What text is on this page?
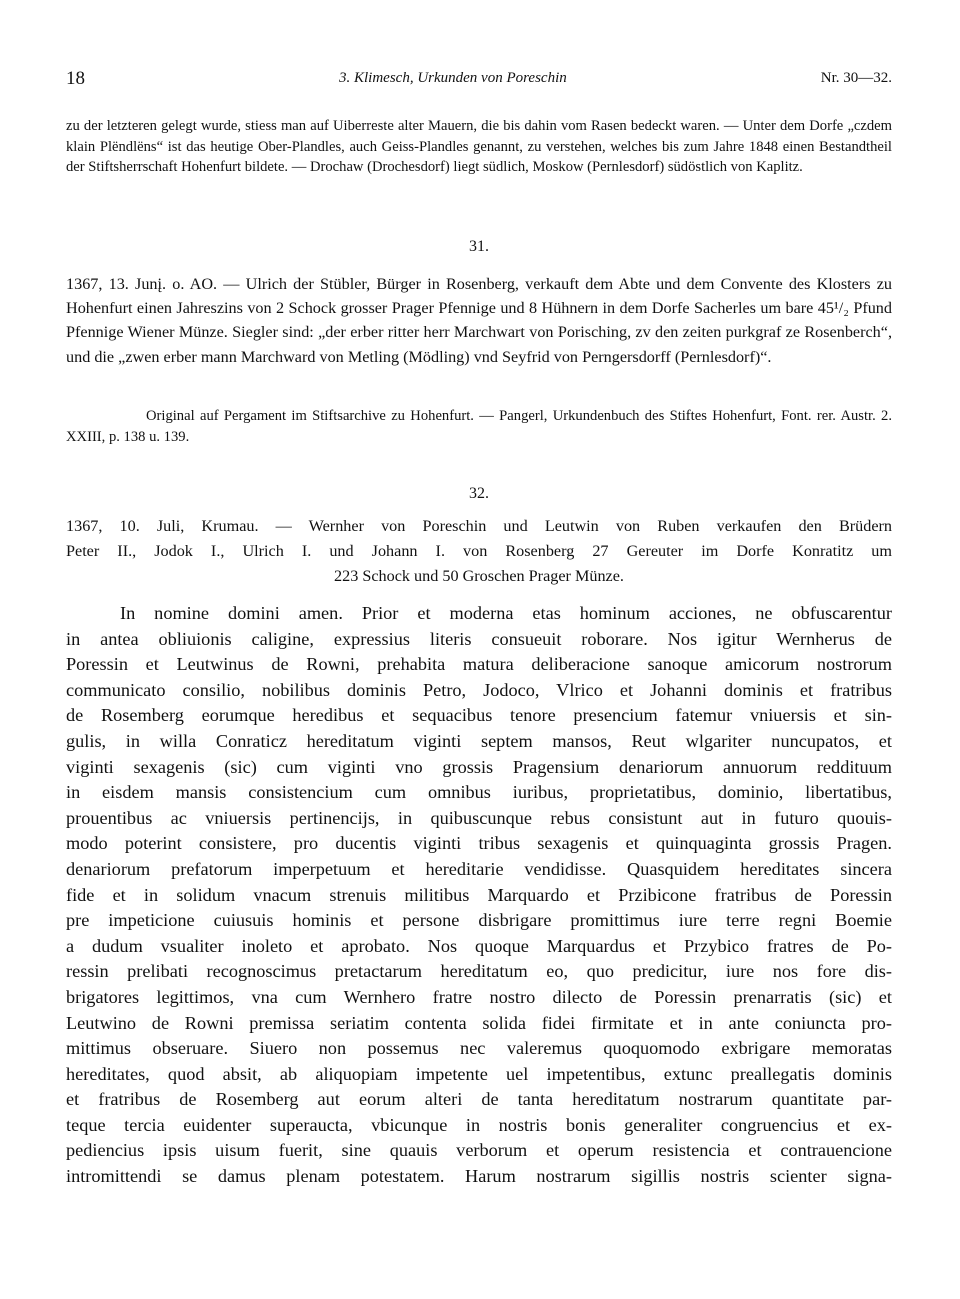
18	3. Klimesch, Urkunden von Poreschin	Nr. 30—32.
zu der letzteren gelegt wurde, stiess man auf Uiberreste alter Mauern, die bis dahin vom Rasen bedeckt waren. — Unter dem Dorfe „czdem klain Plëndlëns“ ist das heutige Ober-Plandles, auch Geiss-Plandles genannt, zu verstehen, welches bis zum Jahre 1848 einen Bestandtheil der Stiftsherrschaft Hohenfurt bildete. — Drochaw (Drochesdorf) liegt südlich, Moskow (Pernlesdorf) südöstlich von Kaplitz.
31.
1367, 13. Junį. o. AO. — Ulrich der Stübler, Bürger in Rosenberg, verkauft dem Abte und dem Convente des Klosters zu Hohenfurt einen Jahreszins von 2 Schock grosser Prager Pfennige und 8 Hühnern in dem Dorfe Sacherles um bare 45¹/₂ Pfund Pfennige Wiener Münze. Siegler sind: „der erber ritter herr Marchwart von Porisching, zv den zeiten purkgraf ze Rosenberch“, und die „zwen erber mann Marchward von Metling (Mödling) vnd Seyfrid von Perngersdorff (Pernlesdorf)“.

Original auf Pergament im Stiftsarchive zu Hohenfurt. — Pangerl, Urkundenbuch des Stiftes Hohenfurt, Font. rer. Austr. 2. XXIII, p. 138 u. 139.

32.
1367, 10. Juli, Krumau. — Wernher von Poreschin und Leutwin von Ruben verkaufen den Brüdern
Peter II., Jodok I., Ulrich I. und Johann I. von Rosenberg 27 Gereuter im Dorfe Konratitz um
223 Schock und 50 Groschen Prager Münze.
In nomine domini amen. Prior et moderna etas hominum acciones, ne obfuscarentur
in antea obliuionis caligine, expressius literis consueuit roborare. Nos igitur Wernherus de
Poressin et Leutwinus de Rowni, prehabita matura deliberacione sanoque amicorum nostrorum
communicato consilio, nobilibus dominis Petro, Jodoco, Vlrico et Johanni dominis et fratribus
de Rosemberg eorumque heredibus et sequacibus tenore presencium fatemur vniuersis et sin-
gulis, in willa Conraticz hereditatum viginti septem mansos, Reut wlgariter nuncupatos, et
viginti sexagenis (sic) cum viginti vno grossis Pragensium denariorum annuorum reddituum
in eisdem mansis consistencium cum omnibus iuribus, proprietatibus, dominio, libertatibus,
prouentibus ac vniuersis pertinencijs, in quibuscunque rebus consistunt aut in futuro quouis-
modo poterint consistere, pro ducentis viginti tribus sexagenis et quinquaginta grossis Pragen.
denariorum prefatorum imperpetuum et hereditarie vendidisse. Quasquidem hereditates sincera
fide et in solidum vnacum strenuis militibus Marquardo et Przibicone fratribus de Poressin
pre impeticione cuiusuis hominis et persone disbrigare promittimus iure terre regni Boemie
a dudum vsualiter inoleto et aprobato. Nos quoque Marquardus et Przybico fratres de Po-
ressin prelibati recognoscimus pretactarum hereditatum eo, quo predicitur, iure nos fore dis-
brigatores legittimos, vna cum Wernhero fratre nostro dilecto de Poressin prenarratis (sic) et
Leutwino de Rowni premissa seriatim contenta solida fidei firmitate et in ante coniuncta pro-
mittimus obseruare. Siuero non possemus nec valeremus quoquomodo exbrigare memoratas
hereditates, quod absit, ab aliquopiam impetente uel impetentibus, extunc preallegatis dominis
et fratribus de Rosemberg aut eorum alteri de tanta hereditatum nostrarum quantitate par-
teque tercia euidenter superaucta, vbicunque in nostris bonis generaliter congruencius et ex-
pediencius ipsis uisum fuerit, sine quauis verborum et operum resistencia et contrauencione
intromittendi se damus plenam potestatem. Harum nostrarum sigillis nostris scienter signa-
